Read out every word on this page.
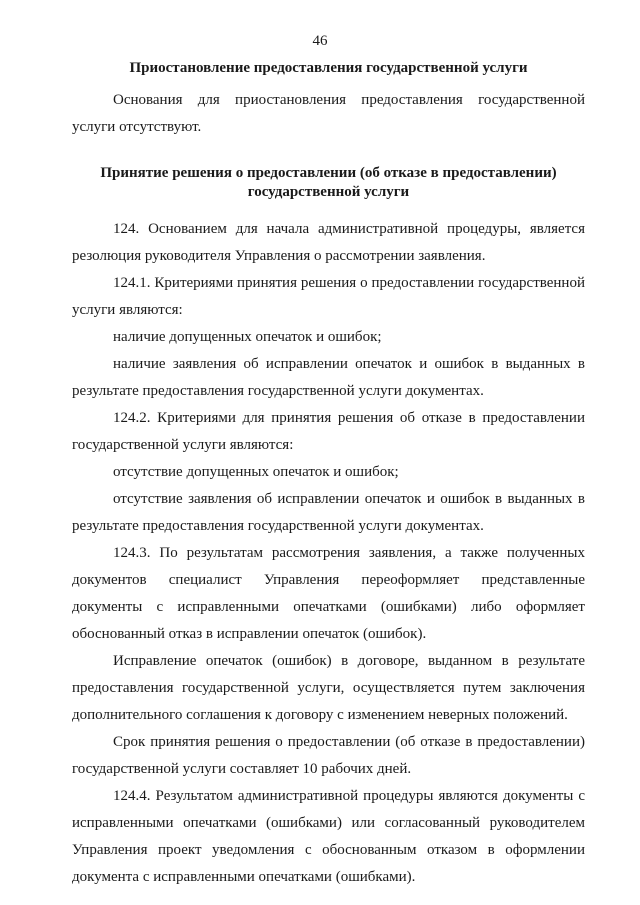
46
Приостановление предоставления государственной услуги

Основания для приостановления предоставления государственной услуги отсутствуют.

Принятие решения о предоставлении (об отказе в предоставлении)
государственной услуги

124. Основанием для начала административной процедуры, является резолюция руководителя Управления о рассмотрении заявления.

124.1. Критериями принятия решения о предоставлении государственной услуги являются:

наличие допущенных опечаток и ошибок;

наличие заявления об исправлении опечаток и ошибок в выданных в результате предоставления государственной услуги документах.

124.2. Критериями для принятия решения об отказе в предоставлении государственной услуги являются:

отсутствие допущенных опечаток и ошибок;

отсутствие заявления об исправлении опечаток и ошибок в выданных в результате предоставления государственной услуги документах.

124.3. По результатам рассмотрения заявления, а также полученных документов специалист Управления переоформляет представленные документы с исправленными опечатками (ошибками) либо оформляет обоснованный отказ в исправлении опечаток (ошибок).

Исправление опечаток (ошибок) в договоре, выданном в результате предоставления государственной услуги, осуществляется путем заключения дополнительного соглашения к договору с изменением неверных положений.

Срок принятия решения о предоставлении (об отказе в предоставлении) государственной услуги составляет 10 рабочих дней.

124.4. Результатом административной процедуры являются документы с исправленными опечатками (ошибками) или согласованный руководителем Управления проект уведомления с обоснованным отказом в оформлении документа с исправленными опечатками (ошибками).
